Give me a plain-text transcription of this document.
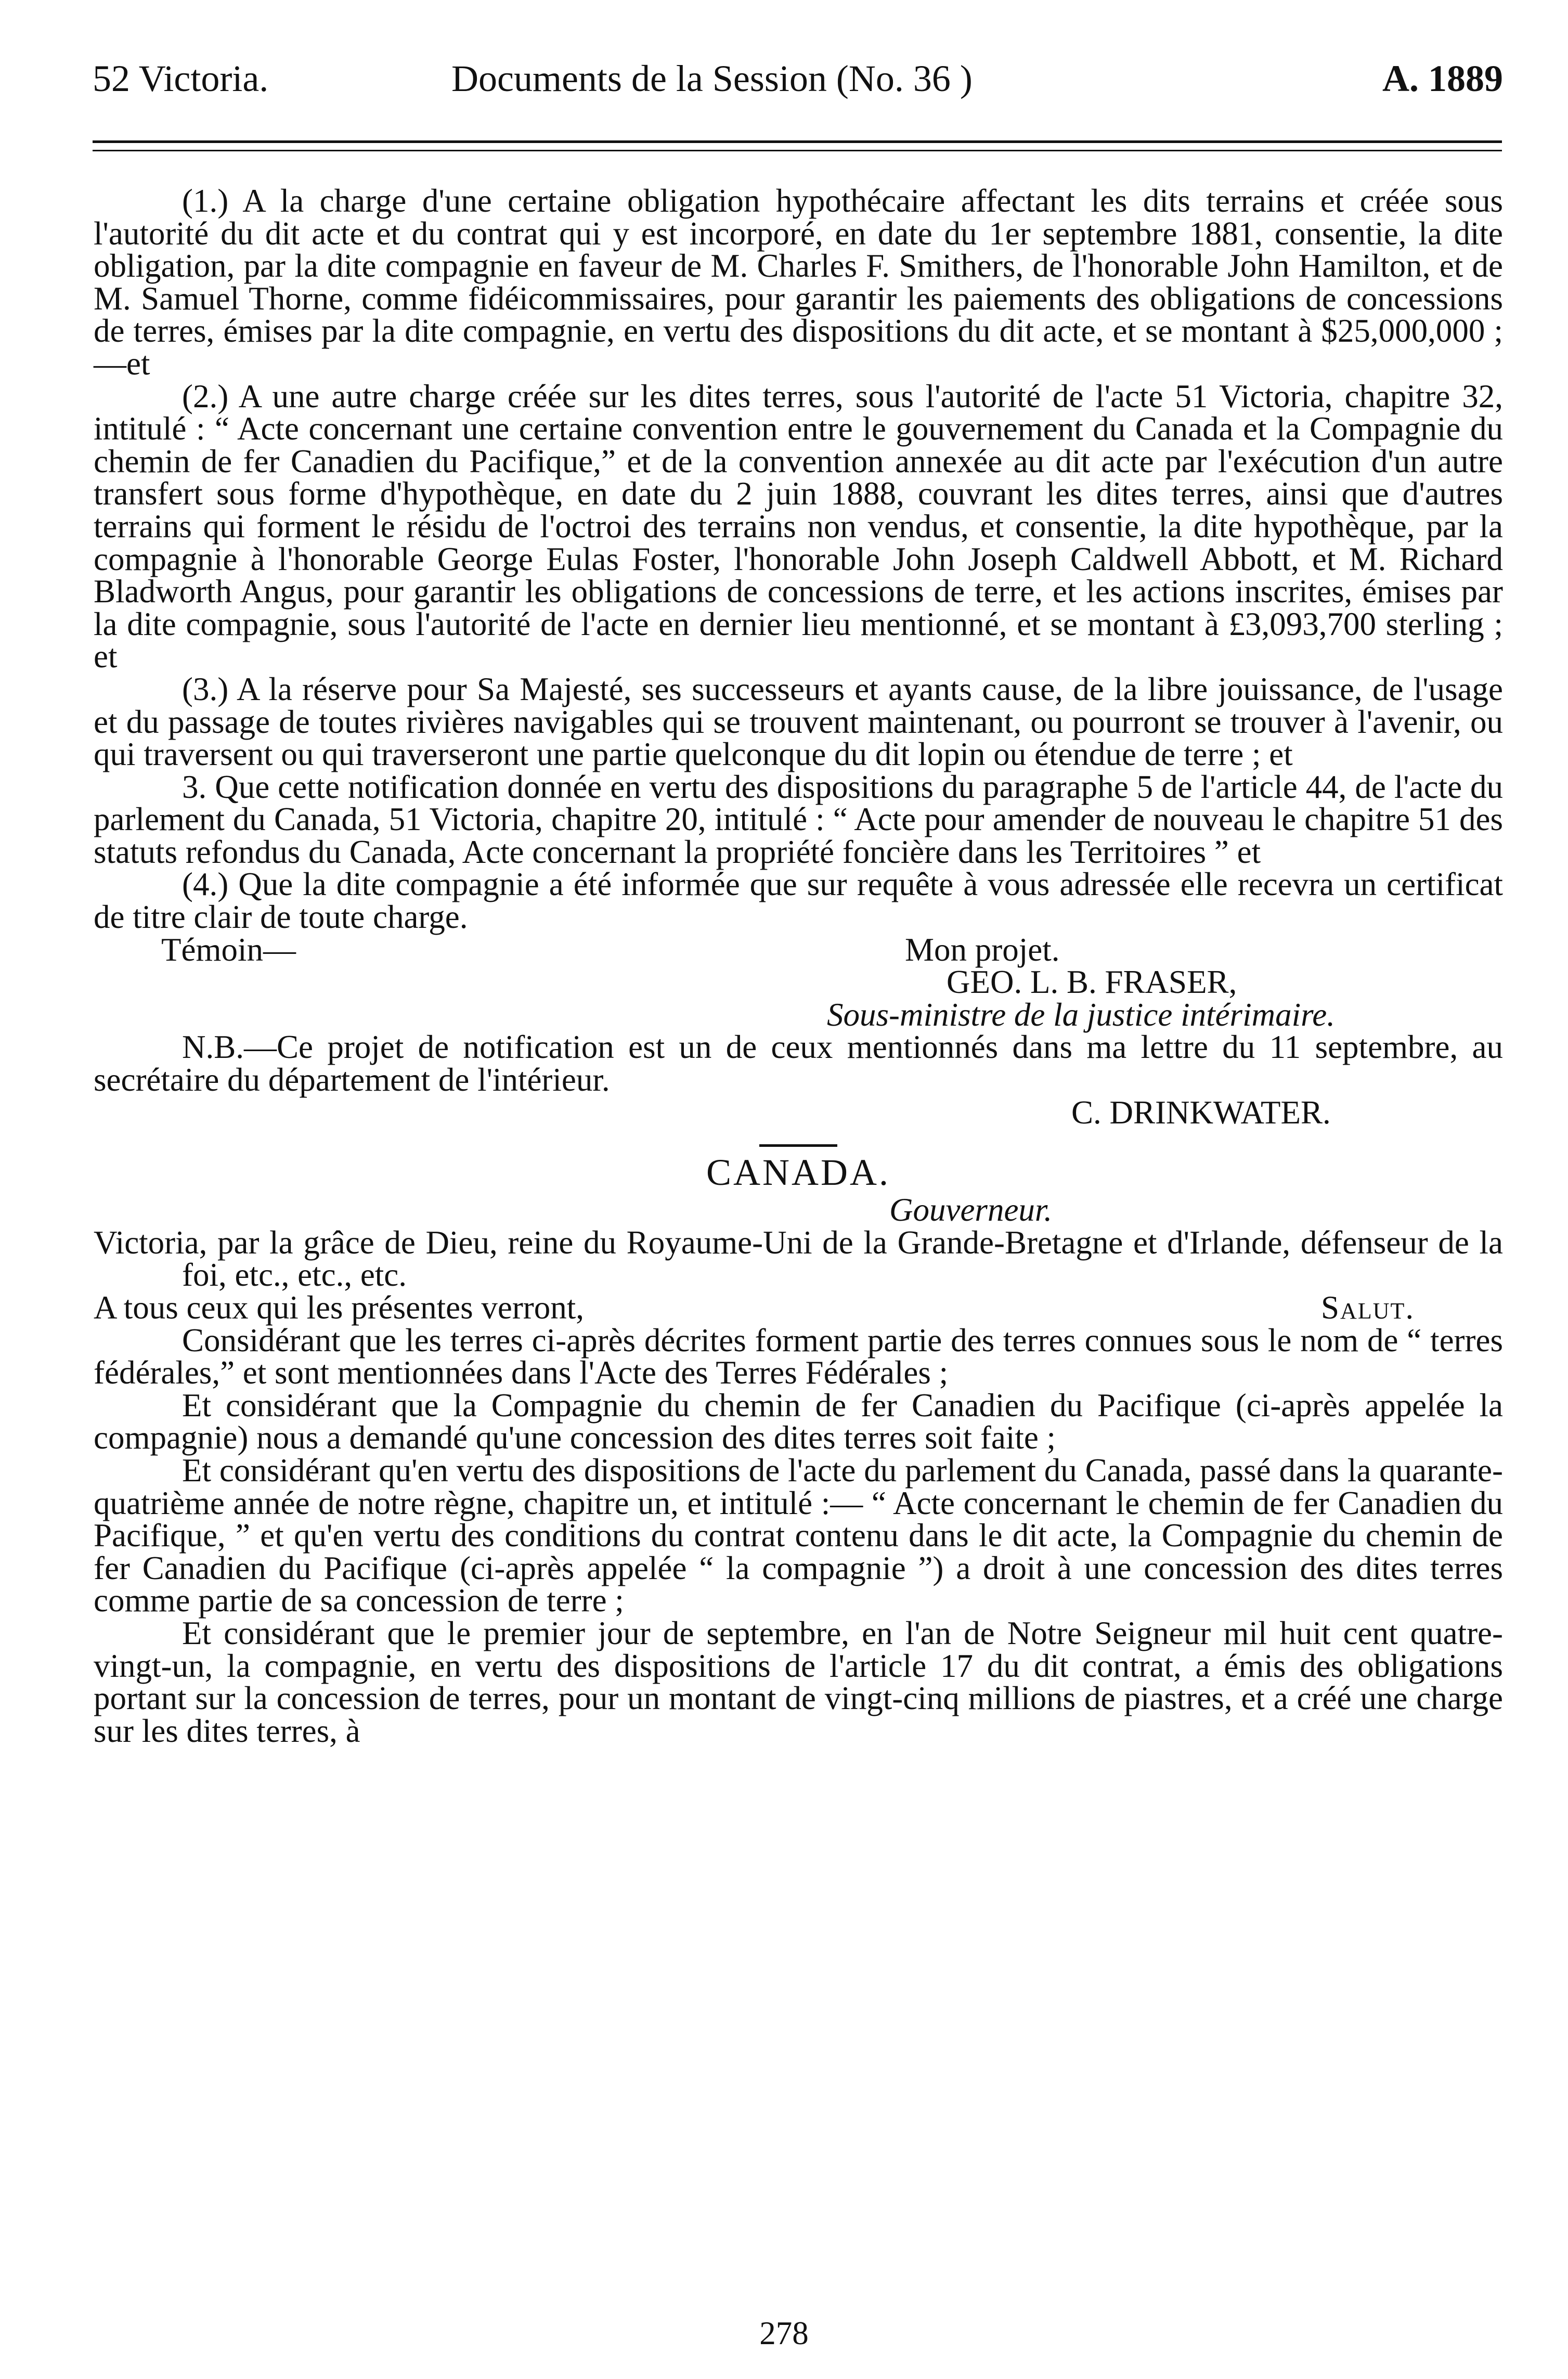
52 Victoria.	Documents de la Session (No. 36 )	A. 1889

(1.) A la charge d'une certaine obligation hypothécaire affectant les dits terrains et créée sous l'autorité du dit acte et du contrat qui y est incorporé, en date du 1er septembre 1881, consentie, la dite obligation, par la dite compagnie en faveur de M. Charles F. Smithers, de l'honorable John Hamilton, et de M. Samuel Thorne, comme fidéicommissaires, pour garantir les paiements des obligations de concessions de terres, émises par la dite compagnie, en vertu des dispositions du dit acte, et se montant à $25,000,000 ;—et

(2.) A une autre charge créée sur les dites terres, sous l'autorité de l'acte 51 Victoria, chapitre 32, intitulé : “ Acte concernant une certaine convention entre le gouvernement du Canada et la Compagnie du chemin de fer Canadien du Pacifique,” et de la convention annexée au dit acte par l'exécution d'un autre transfert sous forme d'hypothèque, en date du 2 juin 1888, couvrant les dites terres, ainsi que d'autres terrains qui forment le résidu de l'octroi des terrains non vendus, et consentie, la dite hypothèque, par la compagnie à l'honorable George Eulas Foster, l'honorable John Joseph Caldwell Abbott, et M. Richard Bladworth Angus, pour garantir les obligations de concessions de terre, et les actions inscrites, émises par la dite compagnie, sous l'autorité de l'acte en dernier lieu mentionné, et se montant à £3,093,700 sterling ; et

(3.) A la réserve pour Sa Majesté, ses successeurs et ayants cause, de la libre jouissance, de l'usage et du passage de toutes rivières navigables qui se trouvent maintenant, ou pourront se trouver à l'avenir, ou qui traversent ou qui traverseront une partie quelconque du dit lopin ou étendue de terre ; et

3. Que cette notification donnée en vertu des dispositions du paragraphe 5 de l'article 44, de l'acte du parlement du Canada, 51 Victoria, chapitre 20, intitulé : “ Acte pour amender de nouveau le chapitre 51 des statuts refondus du Canada, Acte concernant la propriété foncière dans les Territoires ” et

(4.) Que la dite compagnie a été informée que sur requête à vous adressée elle recevra un certificat de titre clair de toute charge.

Témoin—	Mon projet.
GEO. L. B. FRASER,
Sous-ministre de la justice intérimaire.

N.B.—Ce projet de notification est un de ceux mentionnés dans ma lettre du 11 septembre, au secrétaire du département de l'intérieur.

C. DRINKWATER.
CANADA.
Gouverneur.

Victoria, par la grâce de Dieu, reine du Royaume-Uni de la Grande-Bretagne et d'Irlande, défenseur de la foi, etc., etc., etc.

A tous ceux qui les présentes verront,	Salut.

Considérant que les terres ci-après décrites forment partie des terres connues sous le nom de “ terres fédérales,” et sont mentionnées dans l'Acte des Terres Fédérales ;

Et considérant que la Compagnie du chemin de fer Canadien du Pacifique (ci-après appelée la compagnie) nous a demandé qu'une concession des dites terres soit faite ;

Et considérant qu'en vertu des dispositions de l'acte du parlement du Canada, passé dans la quarante-quatrième année de notre règne, chapitre un, et intitulé :— “ Acte concernant le chemin de fer Canadien du Pacifique, ” et qu'en vertu des conditions du contrat contenu dans le dit acte, la Compagnie du chemin de fer Canadien du Pacifique (ci-après appelée “ la compagnie ”) a droit à une concession des dites terres comme partie de sa concession de terre ;

Et considérant que le premier jour de septembre, en l'an de Notre Seigneur mil huit cent quatre-vingt-un, la compagnie, en vertu des dispositions de l'article 17 du dit contrat, a émis des obligations portant sur la concession de terres, pour un montant de vingt-cinq millions de piastres, et a créé une charge sur les dites terres, à

278
